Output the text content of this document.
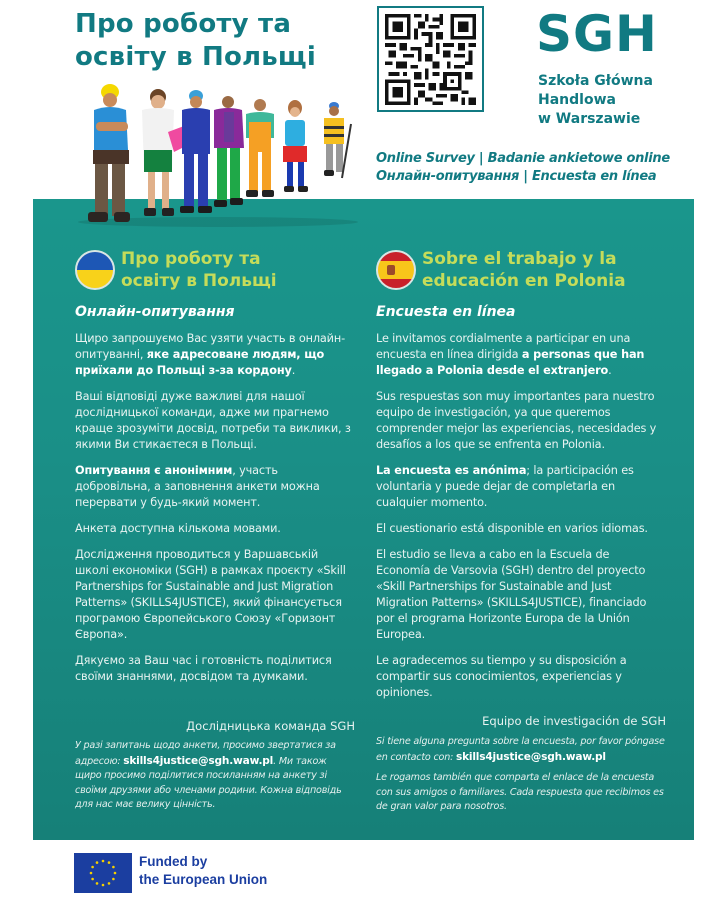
Про роботу та
освіту в Польщі	SGH
Szkoła Główna
Handlowa
w Warszawie
Online Survey | Badanie ankietowe online
Онлайн-опитування | Encuesta en línea
Про роботу та
освіту в Польщі
Онлайн-опитування
Щиро запрошуємо Вас узяти участь в онлайн-опитуванні, яке адресоване людям, що приїхали до Польщі з-за кордону.
Ваші відповіді дуже важливі для нашої дослідницької команди, адже ми прагнемо краще зрозуміти досвід, потреби та виклики, з якими Ви стикаєтеся в Польщі.
Опитування є анонімним, участь добровільна, а заповнення анкети можна перервати у будь-який момент.
Анкета доступна кількома мовами.
Дослідження проводиться у Варшавській школі економіки (SGH) в рамках проєкту «Skill Partnerships for Sustainable and Just Migration Patterns» (SKILLS4JUSTICE), який фінансується програмою Європейського Союзу «Горизонт Європа».
Дякуємо за Ваш час і готовність поділитися своїми знаннями, досвідом та думками.
Дослідницька команда SGH
У разі запитань щодо анкети, просимо звертатися за адресою: skills4justice@sgh.waw.pl. Ми також щиро просимо поділитися посиланням на анкету зі своїми друзями або членами родини. Кожна відповідь для нас має велику цінність.
Sobre el trabajo y la
educación en Polonia
Encuesta en línea
Le invitamos cordialmente a participar en una encuesta en línea dirigida a personas que han llegado a Polonia desde el extranjero.
Sus respuestas son muy importantes para nuestro equipo de investigación, ya que queremos comprender mejor las experiencias, necesidades y desafíos a los que se enfrenta en Polonia.
La encuesta es anónima; la participación es voluntaria y puede dejar de completarla en cualquier momento.
El cuestionario está disponible en varios idiomas.
El estudio se lleva a cabo en la Escuela de Economía de Varsovia (SGH) dentro del proyecto «Skill Partnerships for Sustainable and Just Migration Patterns» (SKILLS4JUSTICE), financiado por el programa Horizonte Europa de la Unión Europea.
Le agradecemos su tiempo y su disposición a compartir sus conocimientos, experiencias y opiniones.
Equipo de investigación de SGH
Si tiene alguna pregunta sobre la encuesta, por favor póngase en contacto con: skills4justice@sgh.waw.pl
Le rogamos también que comparta el enlace de la encuesta con sus amigos o familiares. Cada respuesta que recibimos es de gran valor para nosotros.
Funded by
the European Union
